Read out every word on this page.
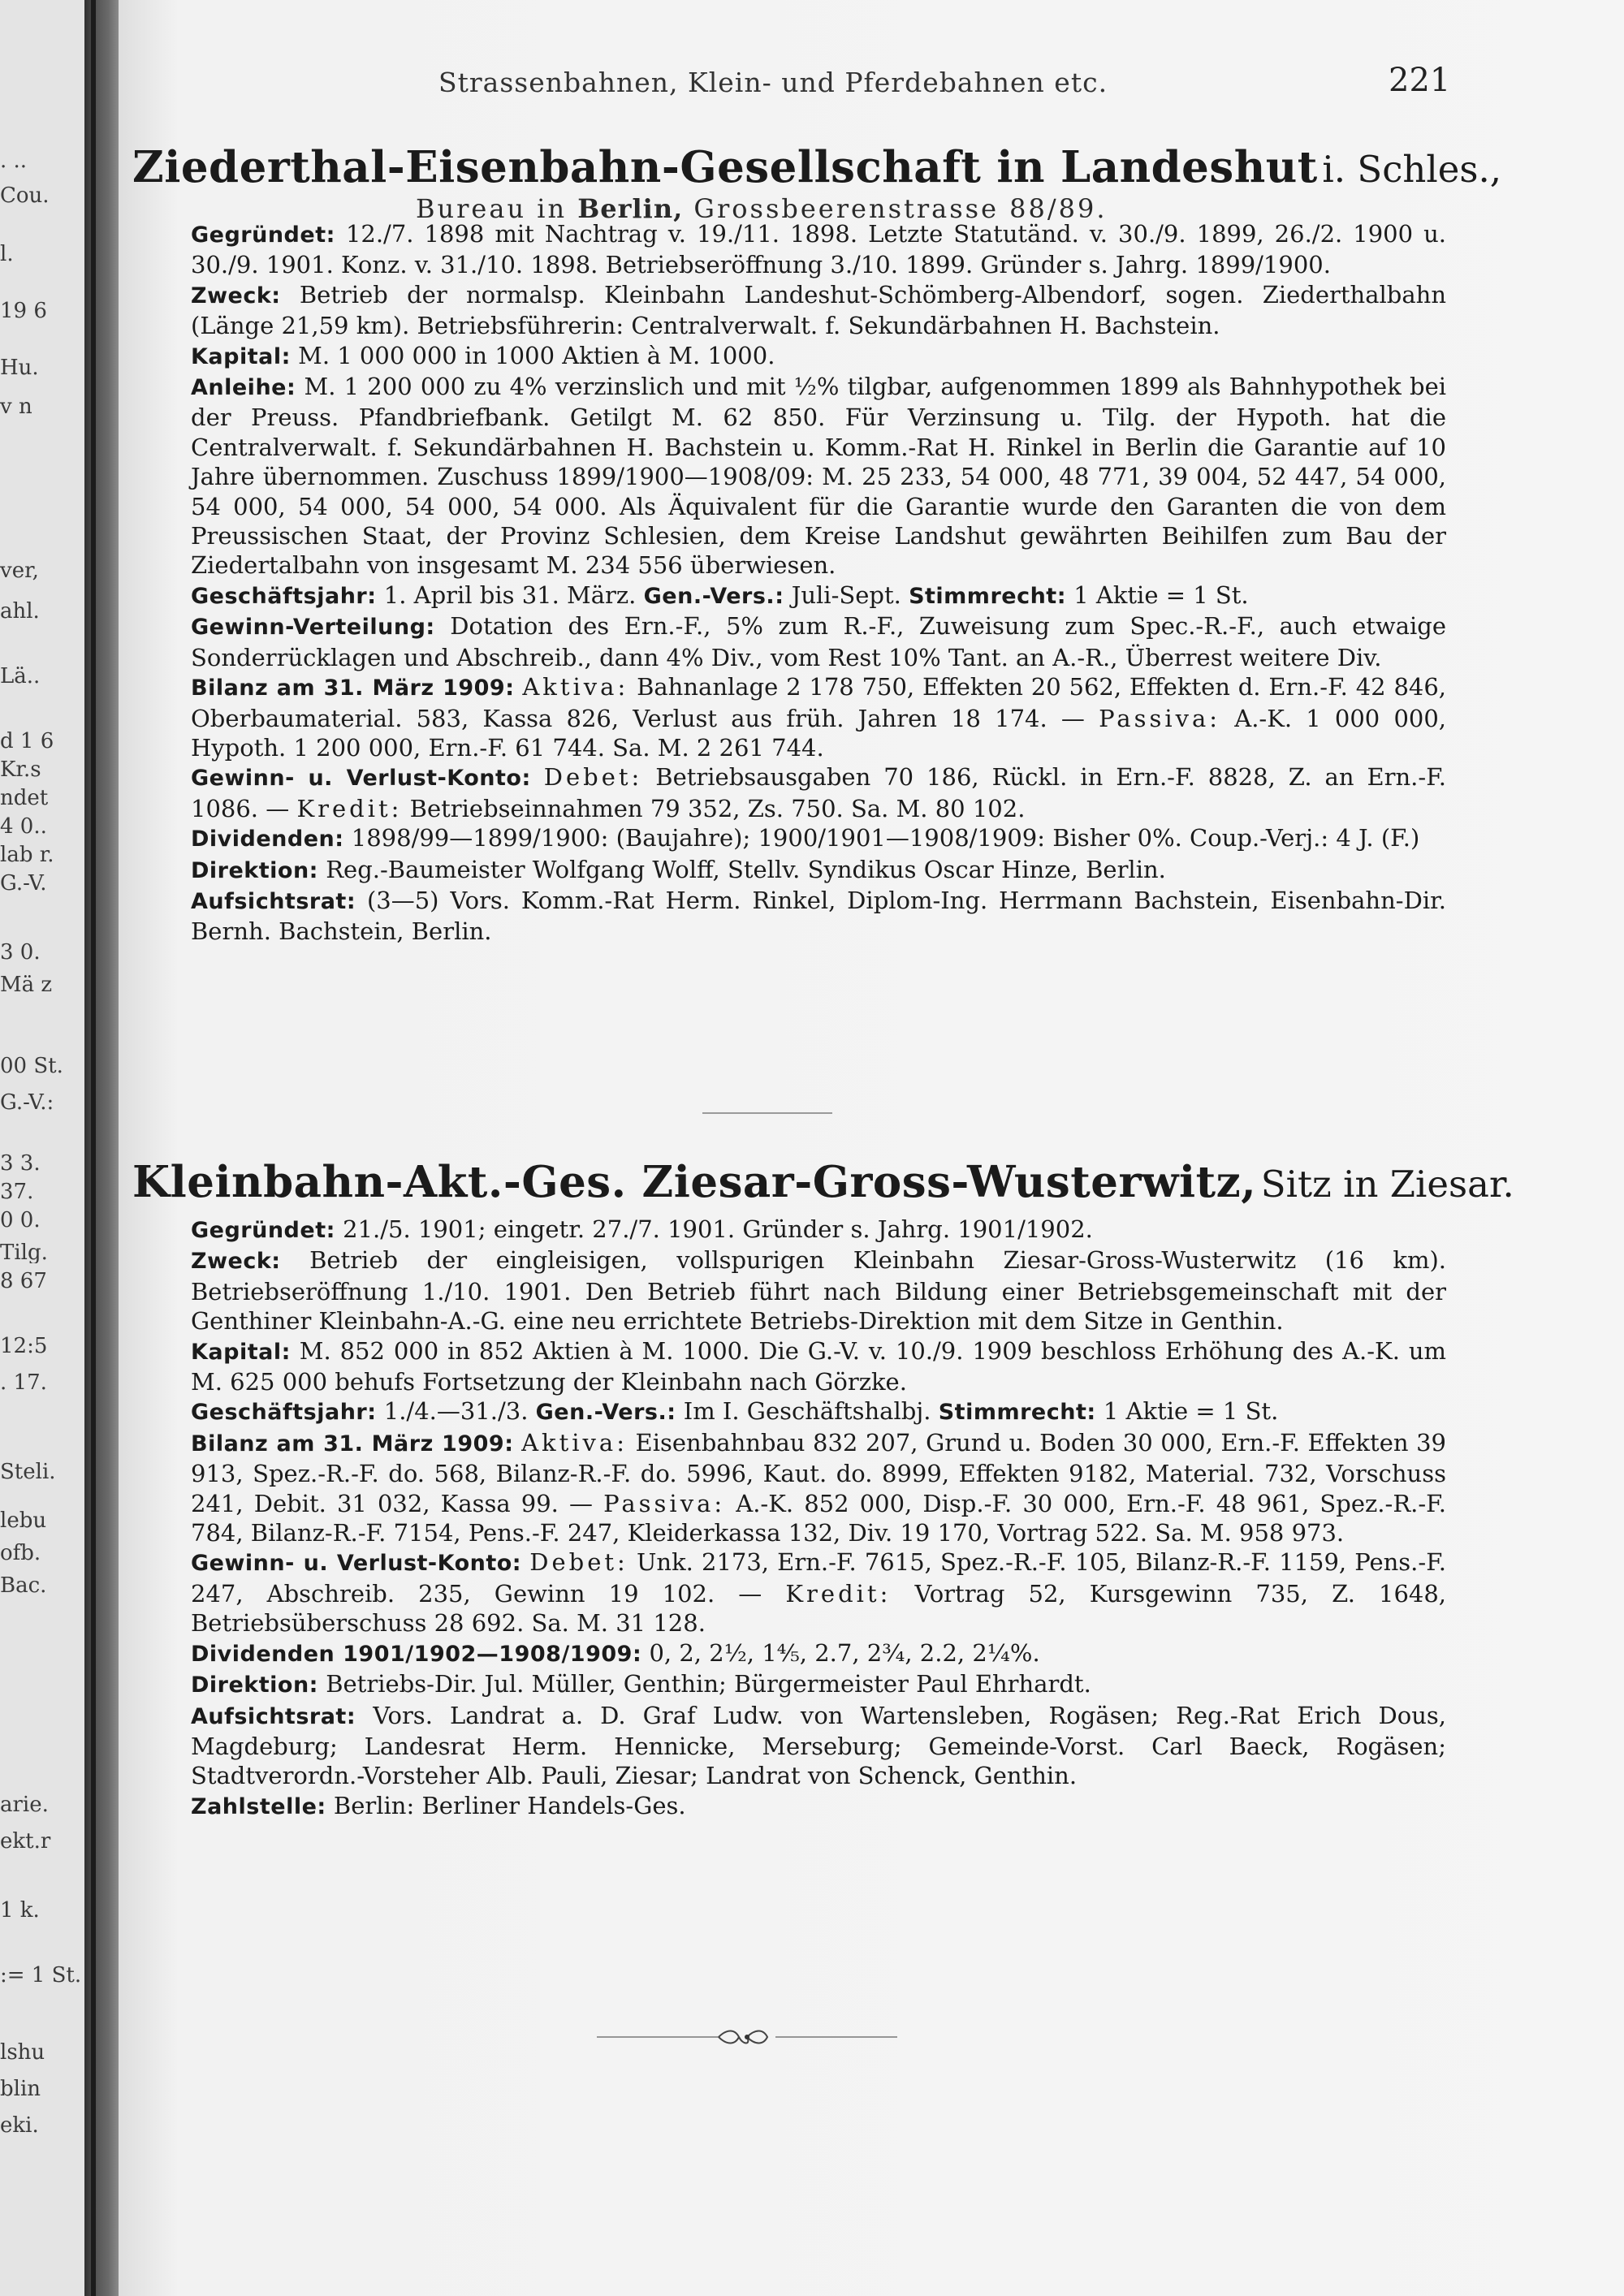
. ..
Cou.
l.
19 6
Hu.
v n
ver,
ahl.
Lä..
d 1 6
Kr.s
ndet
4 0..
lab r.
G.-V.
3 0.
Mä z
00 St.
G.-V.:
3 3.
37.
0 0.
Tilg.
8 67
12:5
. 17.
Steli.
lebu
ofb.
Bac.
arie.
ekt.r
1 k.
:= 1 St.
lshu
blin
eki.
Strassenbahnen, Klein- und Pferdebahnen etc.	221
Ziederthal-Eisenbahn-Gesellschaft in Landeshut i. Schles.,
Bureau in Berlin, Grossbeerenstrasse 88/89.

Gegründet: 12./7. 1898 mit Nachtrag v. 19./11. 1898. Letzte Statutänd. v. 30./9. 1899, 26./2. 1900 u. 30./9. 1901. Konz. v. 31./10. 1898. Betriebseröffnung 3./10. 1899. Gründer s. Jahrg. 1899/1900.

Zweck: Betrieb der normalsp. Kleinbahn Landeshut-Schömberg-Albendorf, sogen. Ziederthalbahn (Länge 21,59 km). Betriebsführerin: Centralverwalt. f. Sekundärbahnen H. Bachstein.

Kapital: M. 1 000 000 in 1000 Aktien à M. 1000.

Anleihe: M. 1 200 000 zu 4% verzinslich und mit ½% tilgbar, aufgenommen 1899 als Bahnhypothek bei der Preuss. Pfandbriefbank. Getilgt M. 62 850. Für Verzinsung u. Tilg. der Hypoth. hat die Centralverwalt. f. Sekundärbahnen H. Bachstein u. Komm.-Rat H. Rinkel in Berlin die Garantie auf 10 Jahre übernommen. Zuschuss 1899/1900—1908/09: M. 25 233, 54 000, 48 771, 39 004, 52 447, 54 000, 54 000, 54 000, 54 000, 54 000. Als Äquivalent für die Garantie wurde den Garanten die von dem Preussischen Staat, der Provinz Schlesien, dem Kreise Landshut gewährten Beihilfen zum Bau der Ziedertalbahn von insgesamt M. 234 556 überwiesen.

Geschäftsjahr: 1. April bis 31. März. Gen.-Vers.: Juli-Sept. Stimmrecht: 1 Aktie = 1 St.

Gewinn-Verteilung: Dotation des Ern.-F., 5% zum R.-F., Zuweisung zum Spec.-R.-F., auch etwaige Sonderrücklagen und Abschreib., dann 4% Div., vom Rest 10% Tant. an A.-R., Überrest weitere Div.

Bilanz am 31. März 1909: Aktiva: Bahnanlage 2 178 750, Effekten 20 562, Effekten d. Ern.-F. 42 846, Oberbaumaterial. 583, Kassa 826, Verlust aus früh. Jahren 18 174. — Passiva: A.-K. 1 000 000, Hypoth. 1 200 000, Ern.-F. 61 744. Sa. M. 2 261 744.

Gewinn- u. Verlust-Konto: Debet: Betriebsausgaben 70 186, Rückl. in Ern.-F. 8828, Z. an Ern.-F. 1086. — Kredit: Betriebseinnahmen 79 352, Zs. 750. Sa. M. 80 102.

Dividenden: 1898/99—1899/1900: (Baujahre); 1900/1901—1908/1909: Bisher 0%. Coup.-Verj.: 4 J. (F.)

Direktion: Reg.-Baumeister Wolfgang Wolff, Stellv. Syndikus Oscar Hinze, Berlin.

Aufsichtsrat: (3—5) Vors. Komm.-Rat Herm. Rinkel, Diplom-Ing. Herrmann Bachstein, Eisenbahn-Dir. Bernh. Bachstein, Berlin.

Kleinbahn-Akt.-Ges. Ziesar-Gross-Wusterwitz, Sitz in Ziesar.

Gegründet: 21./5. 1901; eingetr. 27./7. 1901. Gründer s. Jahrg. 1901/1902.

Zweck: Betrieb der eingleisigen, vollspurigen Kleinbahn Ziesar-Gross-Wusterwitz (16 km). Betriebseröffnung 1./10. 1901. Den Betrieb führt nach Bildung einer Betriebsgemeinschaft mit der Genthiner Kleinbahn-A.-G. eine neu errichtete Betriebs-Direktion mit dem Sitze in Genthin.

Kapital: M. 852 000 in 852 Aktien à M. 1000. Die G.-V. v. 10./9. 1909 beschloss Erhöhung des A.-K. um M. 625 000 behufs Fortsetzung der Kleinbahn nach Görzke.

Geschäftsjahr: 1./4.—31./3. Gen.-Vers.: Im I. Geschäftshalbj. Stimmrecht: 1 Aktie = 1 St.

Bilanz am 31. März 1909: Aktiva: Eisenbahnbau 832 207, Grund u. Boden 30 000, Ern.-F. Effekten 39 913, Spez.-R.-F. do. 568, Bilanz-R.-F. do. 5996, Kaut. do. 8999, Effekten 9182, Material. 732, Vorschuss 241, Debit. 31 032, Kassa 99. — Passiva: A.-K. 852 000, Disp.-F. 30 000, Ern.-F. 48 961, Spez.-R.-F. 784, Bilanz-R.-F. 7154, Pens.-F. 247, Kleiderkassa 132, Div. 19 170, Vortrag 522. Sa. M. 958 973.

Gewinn- u. Verlust-Konto: Debet: Unk. 2173, Ern.-F. 7615, Spez.-R.-F. 105, Bilanz-R.-F. 1159, Pens.-F. 247, Abschreib. 235, Gewinn 19 102. — Kredit: Vortrag 52, Kursgewinn 735, Z. 1648, Betriebsüberschuss 28 692. Sa. M. 31 128.

Dividenden 1901/1902—1908/1909: 0, 2, 2½, 1⅘, 2.7, 2¾, 2.2, 2¼%.

Direktion: Betriebs-Dir. Jul. Müller, Genthin; Bürgermeister Paul Ehrhardt.

Aufsichtsrat: Vors. Landrat a. D. Graf Ludw. von Wartensleben, Rogäsen; Reg.-Rat Erich Dous, Magdeburg; Landesrat Herm. Hennicke, Merseburg; Gemeinde-Vorst. Carl Baeck, Rogäsen; Stadtverordn.-Vorsteher Alb. Pauli, Ziesar; Landrat von Schenck, Genthin.

Zahlstelle: Berlin: Berliner Handels-Ges.
